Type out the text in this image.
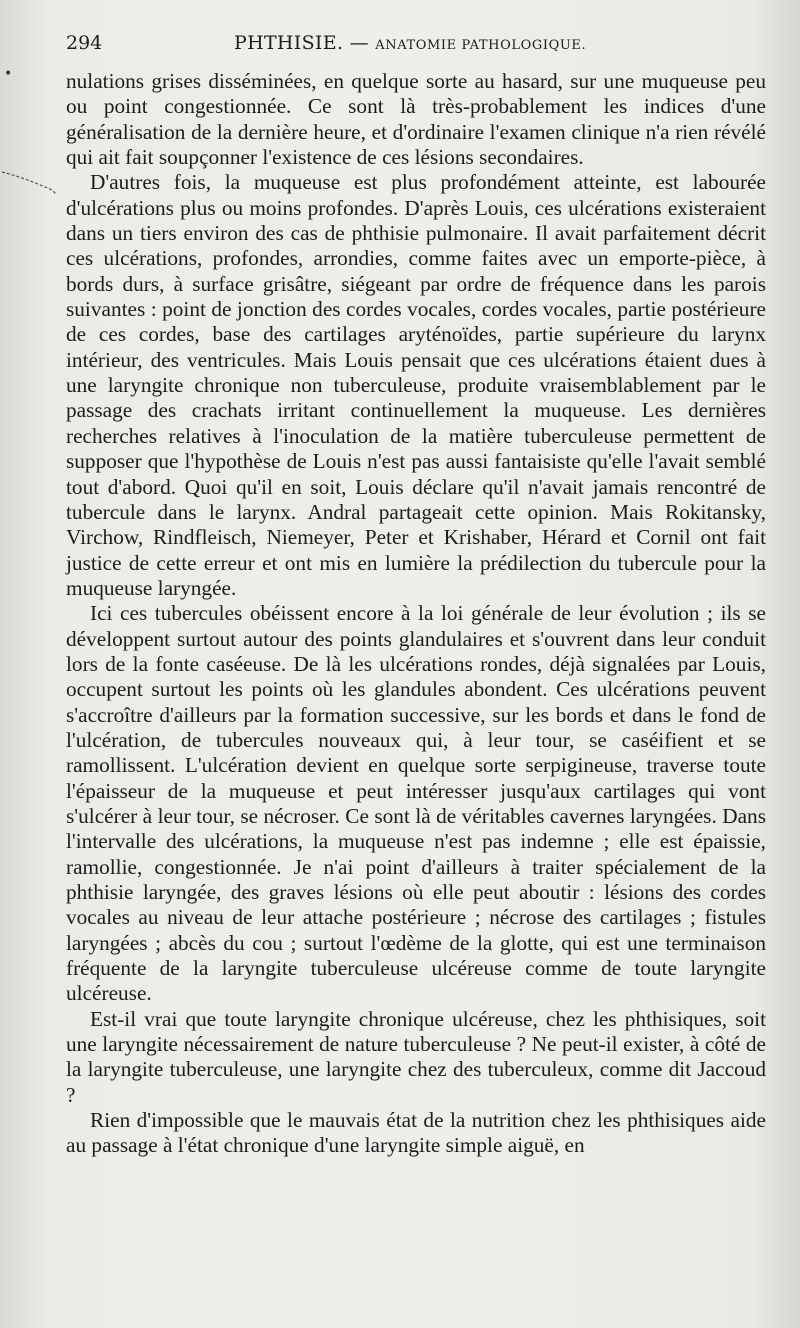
•
294	PHTHISIE. — ANATOMIE PATHOLOGIQUE.

nulations grises disséminées, en quelque sorte au hasard, sur une muqueuse peu ou point congestionnée. Ce sont là très-probablement les indices d'une généralisation de la dernière heure, et d'ordinaire l'examen clinique n'a rien révélé qui ait fait soupçonner l'existence de ces lésions secondaires.

D'autres fois, la muqueuse est plus profondément atteinte, est labourée d'ulcérations plus ou moins profondes. D'après Louis, ces ulcérations existeraient dans un tiers environ des cas de phthisie pulmonaire. Il avait parfaitement décrit ces ulcérations, profondes, arrondies, comme faites avec un emporte-pièce, à bords durs, à surface grisâtre, siégeant par ordre de fréquence dans les parois suivantes : point de jonction des cordes vocales, cordes vocales, partie postérieure de ces cordes, base des cartilages aryténoïdes, partie supérieure du larynx intérieur, des ventricules. Mais Louis pensait que ces ulcérations étaient dues à une laryngite chronique non tuberculeuse, produite vraisemblablement par le passage des crachats irritant continuellement la muqueuse. Les dernières recherches relatives à l'inoculation de la matière tuberculeuse permettent de supposer que l'hypothèse de Louis n'est pas aussi fantaisiste qu'elle l'avait semblé tout d'abord. Quoi qu'il en soit, Louis déclare qu'il n'avait jamais rencontré de tubercule dans le larynx. Andral partageait cette opinion. Mais Rokitansky, Virchow, Rindfleisch, Niemeyer, Peter et Krishaber, Hérard et Cornil ont fait justice de cette erreur et ont mis en lumière la prédilection du tubercule pour la muqueuse laryngée.

Ici ces tubercules obéissent encore à la loi générale de leur évolution ; ils se développent surtout autour des points glandulaires et s'ouvrent dans leur conduit lors de la fonte caséeuse. De là les ulcérations rondes, déjà signalées par Louis, occupent surtout les points où les glandules abondent. Ces ulcérations peuvent s'accroître d'ailleurs par la formation successive, sur les bords et dans le fond de l'ulcération, de tubercules nouveaux qui, à leur tour, se caséifient et se ramollissent. L'ulcération devient en quelque sorte serpigineuse, traverse toute l'épaisseur de la muqueuse et peut intéresser jusqu'aux cartilages qui vont s'ulcérer à leur tour, se nécroser. Ce sont là de véritables cavernes laryngées. Dans l'intervalle des ulcérations, la muqueuse n'est pas indemne ; elle est épaissie, ramollie, congestionnée. Je n'ai point d'ailleurs à traiter spécialement de la phthisie laryngée, des graves lésions où elle peut aboutir : lésions des cordes vocales au niveau de leur attache postérieure ; nécrose des cartilages ; fistules laryngées ; abcès du cou ; surtout l'œdème de la glotte, qui est une terminaison fréquente de la laryngite tuberculeuse ulcéreuse comme de toute laryngite ulcéreuse.

Est-il vrai que toute laryngite chronique ulcéreuse, chez les phthisiques, soit une laryngite nécessairement de nature tuberculeuse ? Ne peut-il exister, à côté de la laryngite tuberculeuse, une laryngite chez des tuberculeux, comme dit Jaccoud ?

Rien d'impossible que le mauvais état de la nutrition chez les phthisiques aide au passage à l'état chronique d'une laryngite simple aiguë, en
